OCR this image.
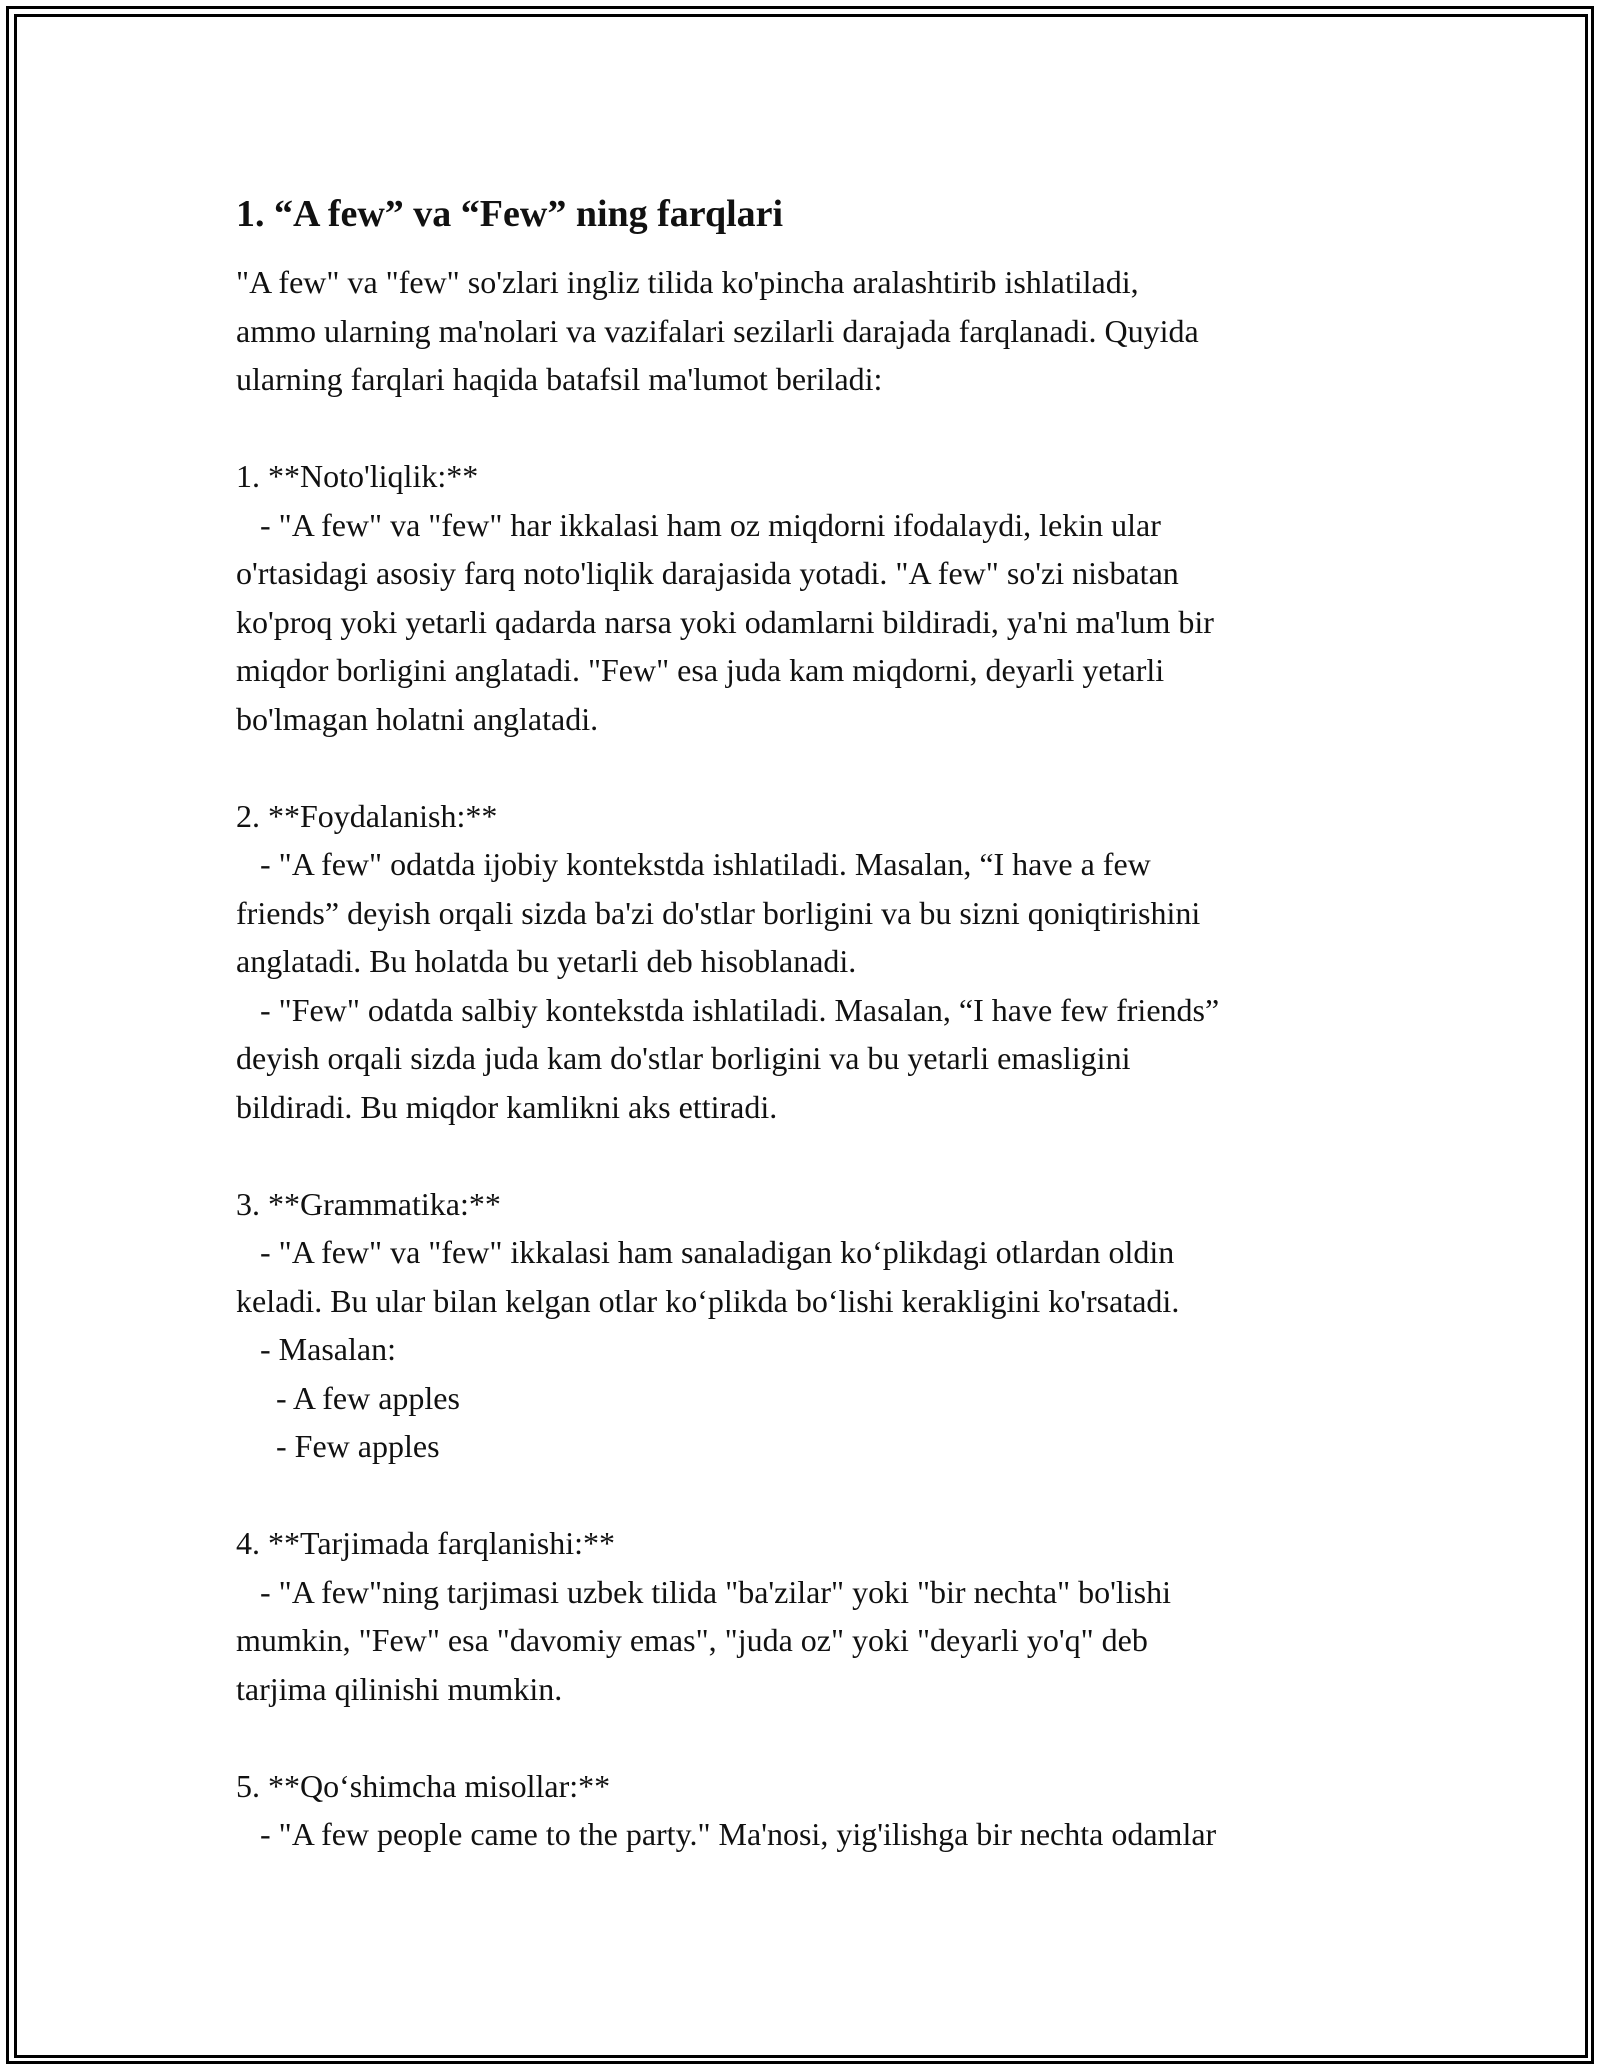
1. “A few” va “Few” ning farqlari
"A few" va "few" so'zlari ingliz tilida ko'pincha aralashtirib ishlatiladi,
ammo ularning ma'nolari va vazifalari sezilarli darajada farqlanadi. Quyida
ularning farqlari haqida batafsil ma'lumot beriladi:
1. **Noto'liqlik:**
- "A few" va "few" har ikkalasi ham oz miqdorni ifodalaydi, lekin ular
o'rtasidagi asosiy farq noto'liqlik darajasida yotadi. "A few" so'zi nisbatan
ko'proq yoki yetarli qadarda narsa yoki odamlarni bildiradi, ya'ni ma'lum bir
miqdor borligini anglatadi. "Few" esa juda kam miqdorni, deyarli yetarli
bo'lmagan holatni anglatadi.
2. **Foydalanish:**
- "A few" odatda ijobiy kontekstda ishlatiladi. Masalan, “I have a few
friends” deyish orqali sizda ba'zi do'stlar borligini va bu sizni qoniqtirishini
anglatadi. Bu holatda bu yetarli deb hisoblanadi.
- "Few" odatda salbiy kontekstda ishlatiladi. Masalan, “I have few friends”
deyish orqali sizda juda kam do'stlar borligini va bu yetarli emasligini
bildiradi. Bu miqdor kamlikni aks ettiradi.
3. **Grammatika:**
- "A few" va "few" ikkalasi ham sanaladigan koʻplikdagi otlardan oldin
keladi. Bu ular bilan kelgan otlar koʻplikda boʻlishi kerakligini ko'rsatadi.
- Masalan:
- A few apples
- Few apples
4. **Tarjimada farqlanishi:**
- "A few"ning tarjimasi uzbek tilida "ba'zilar" yoki "bir nechta" bo'lishi
mumkin, "Few" esa "davomiy emas", "juda oz" yoki "deyarli yo'q" deb
tarjima qilinishi mumkin.
5. **Qoʻshimcha misollar:**
- "A few people came to the party." Ma'nosi, yig'ilishga bir nechta odamlar
